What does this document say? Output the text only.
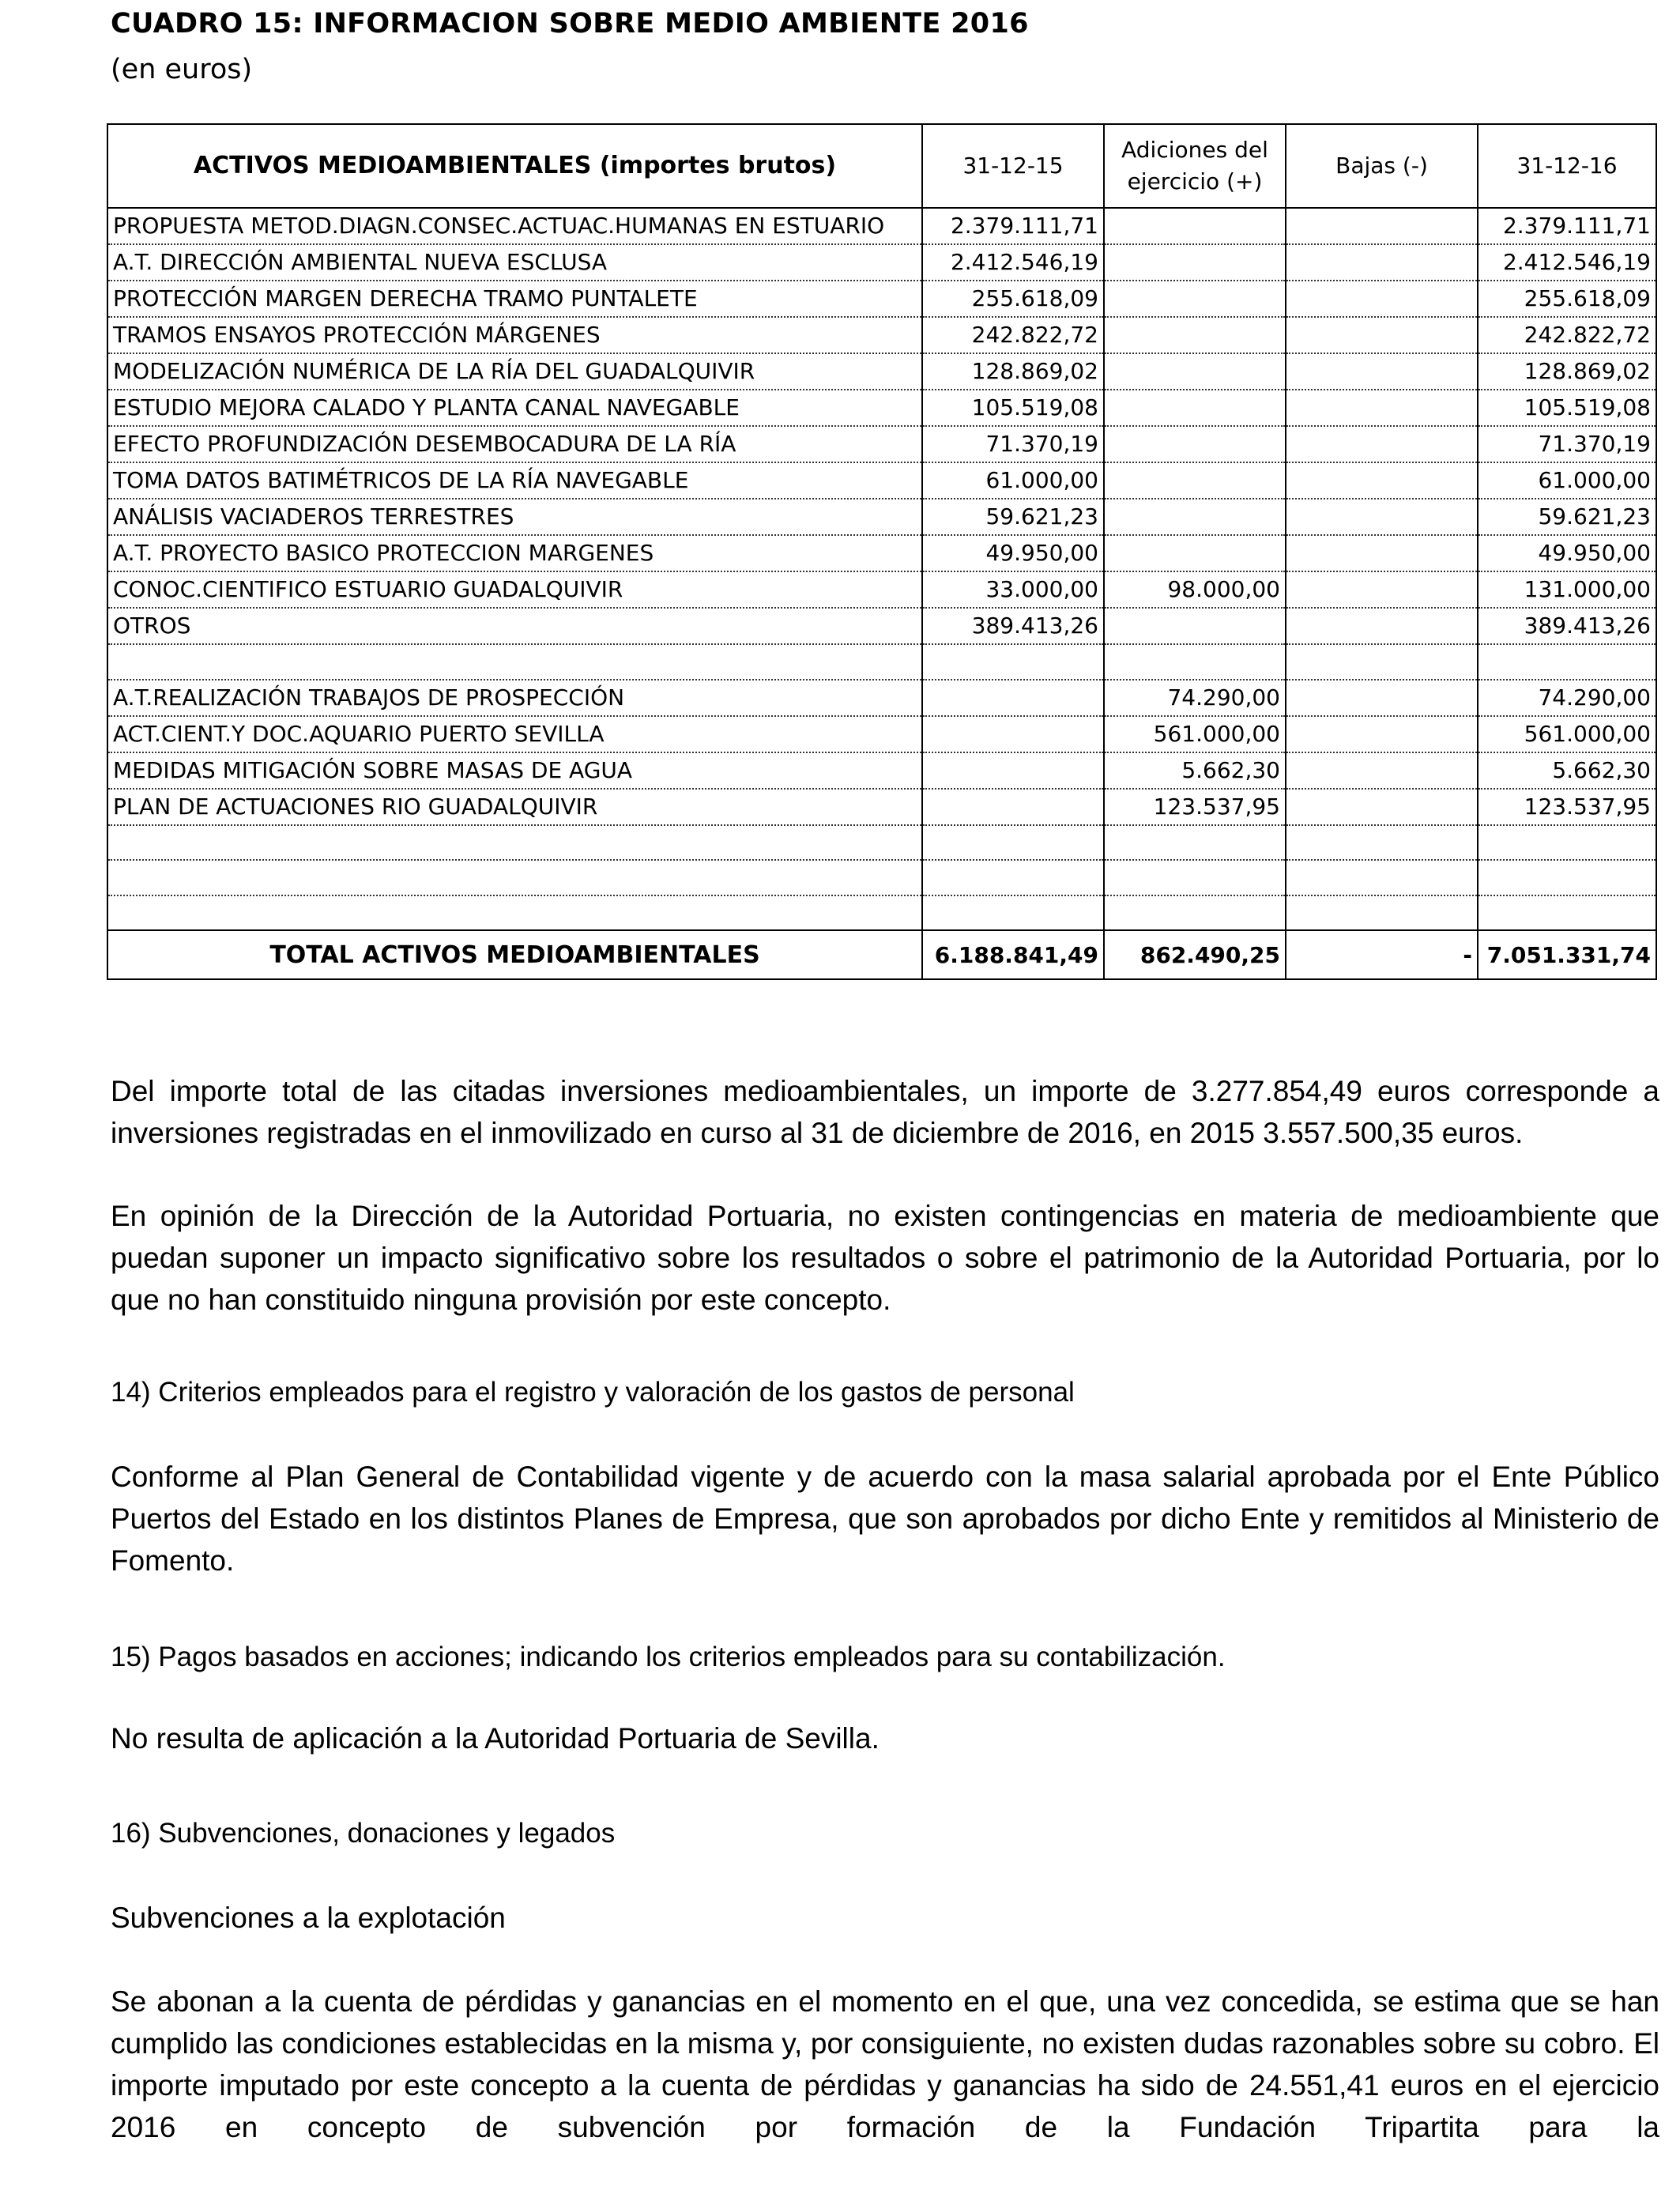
CUADRO 15: INFORMACION SOBRE MEDIO AMBIENTE 2016
(en euros)
ACTIVOS MEDIOAMBIENTALES (importes brutos)	31-12-15	Adiciones del ejercicio (+)	Bajas (-)	31-12-16
PROPUESTA METOD.DIAGN.CONSEC.ACTUAC.HUMANAS EN ESTUARIO	2.379.111,71			2.379.111,71
A.T. DIRECCIÓN AMBIENTAL NUEVA ESCLUSA	2.412.546,19			2.412.546,19
PROTECCIÓN MARGEN DERECHA TRAMO PUNTALETE	255.618,09			255.618,09
TRAMOS ENSAYOS PROTECCIÓN MÁRGENES	242.822,72			242.822,72
MODELIZACIÓN NUMÉRICA DE LA RÍA DEL GUADALQUIVIR	128.869,02			128.869,02
ESTUDIO MEJORA CALADO Y PLANTA CANAL NAVEGABLE	105.519,08			105.519,08
EFECTO PROFUNDIZACIÓN DESEMBOCADURA DE LA RÍA	71.370,19			71.370,19
TOMA DATOS BATIMÉTRICOS DE LA RÍA NAVEGABLE	61.000,00			61.000,00
ANÁLISIS VACIADEROS TERRESTRES	59.621,23			59.621,23
A.T. PROYECTO BASICO PROTECCION MARGENES	49.950,00			49.950,00
CONOC.CIENTIFICO ESTUARIO GUADALQUIVIR	33.000,00	98.000,00		131.000,00
OTROS	389.413,26			389.413,26

A.T.REALIZACIÓN TRABAJOS DE PROSPECCIÓN		74.290,00		74.290,00
ACT.CIENT.Y DOC.AQUARIO PUERTO SEVILLA		561.000,00		561.000,00
MEDIDAS MITIGACIÓN SOBRE MASAS DE AGUA		5.662,30		5.662,30
PLAN DE ACTUACIONES RIO GUADALQUIVIR		123.537,95		123.537,95

TOTAL ACTIVOS MEDIOAMBIENTALES	6.188.841,49	862.490,25	-	7.051.331,74

Del importe total de las citadas inversiones medioambientales, un importe de 3.277.854,49 euros corresponde a inversiones registradas en el inmovilizado en curso al 31 de diciembre de 2016, en 2015 3.557.500,35 euros.

En opinión de la Dirección de la Autoridad Portuaria, no existen contingencias en materia de medioambiente que puedan suponer un impacto significativo sobre los resultados o sobre el patrimonio de la Autoridad Portuaria, por lo que no han constituido ninguna provisión por este concepto.

14) Criterios empleados para el registro y valoración de los gastos de personal

Conforme al Plan General de Contabilidad vigente y de acuerdo con la masa salarial aprobada por el Ente Público Puertos del Estado en los distintos Planes de Empresa, que son aprobados por dicho Ente y remitidos al Ministerio de Fomento.

15) Pagos basados en acciones; indicando los criterios empleados para su contabilización.

No resulta de aplicación a la Autoridad Portuaria de Sevilla.

16) Subvenciones, donaciones y legados

Subvenciones a la explotación

Se abonan a la cuenta de pérdidas y ganancias en el momento en el que, una vez concedida, se estima que se han cumplido las condiciones establecidas en la misma y, por consiguiente, no existen dudas razonables sobre su cobro. El importe imputado por este concepto a la cuenta de pérdidas y ganancias ha sido de 24.551,41 euros en el ejercicio 2016 en concepto de subvención por formación de la Fundación Tripartita para la
